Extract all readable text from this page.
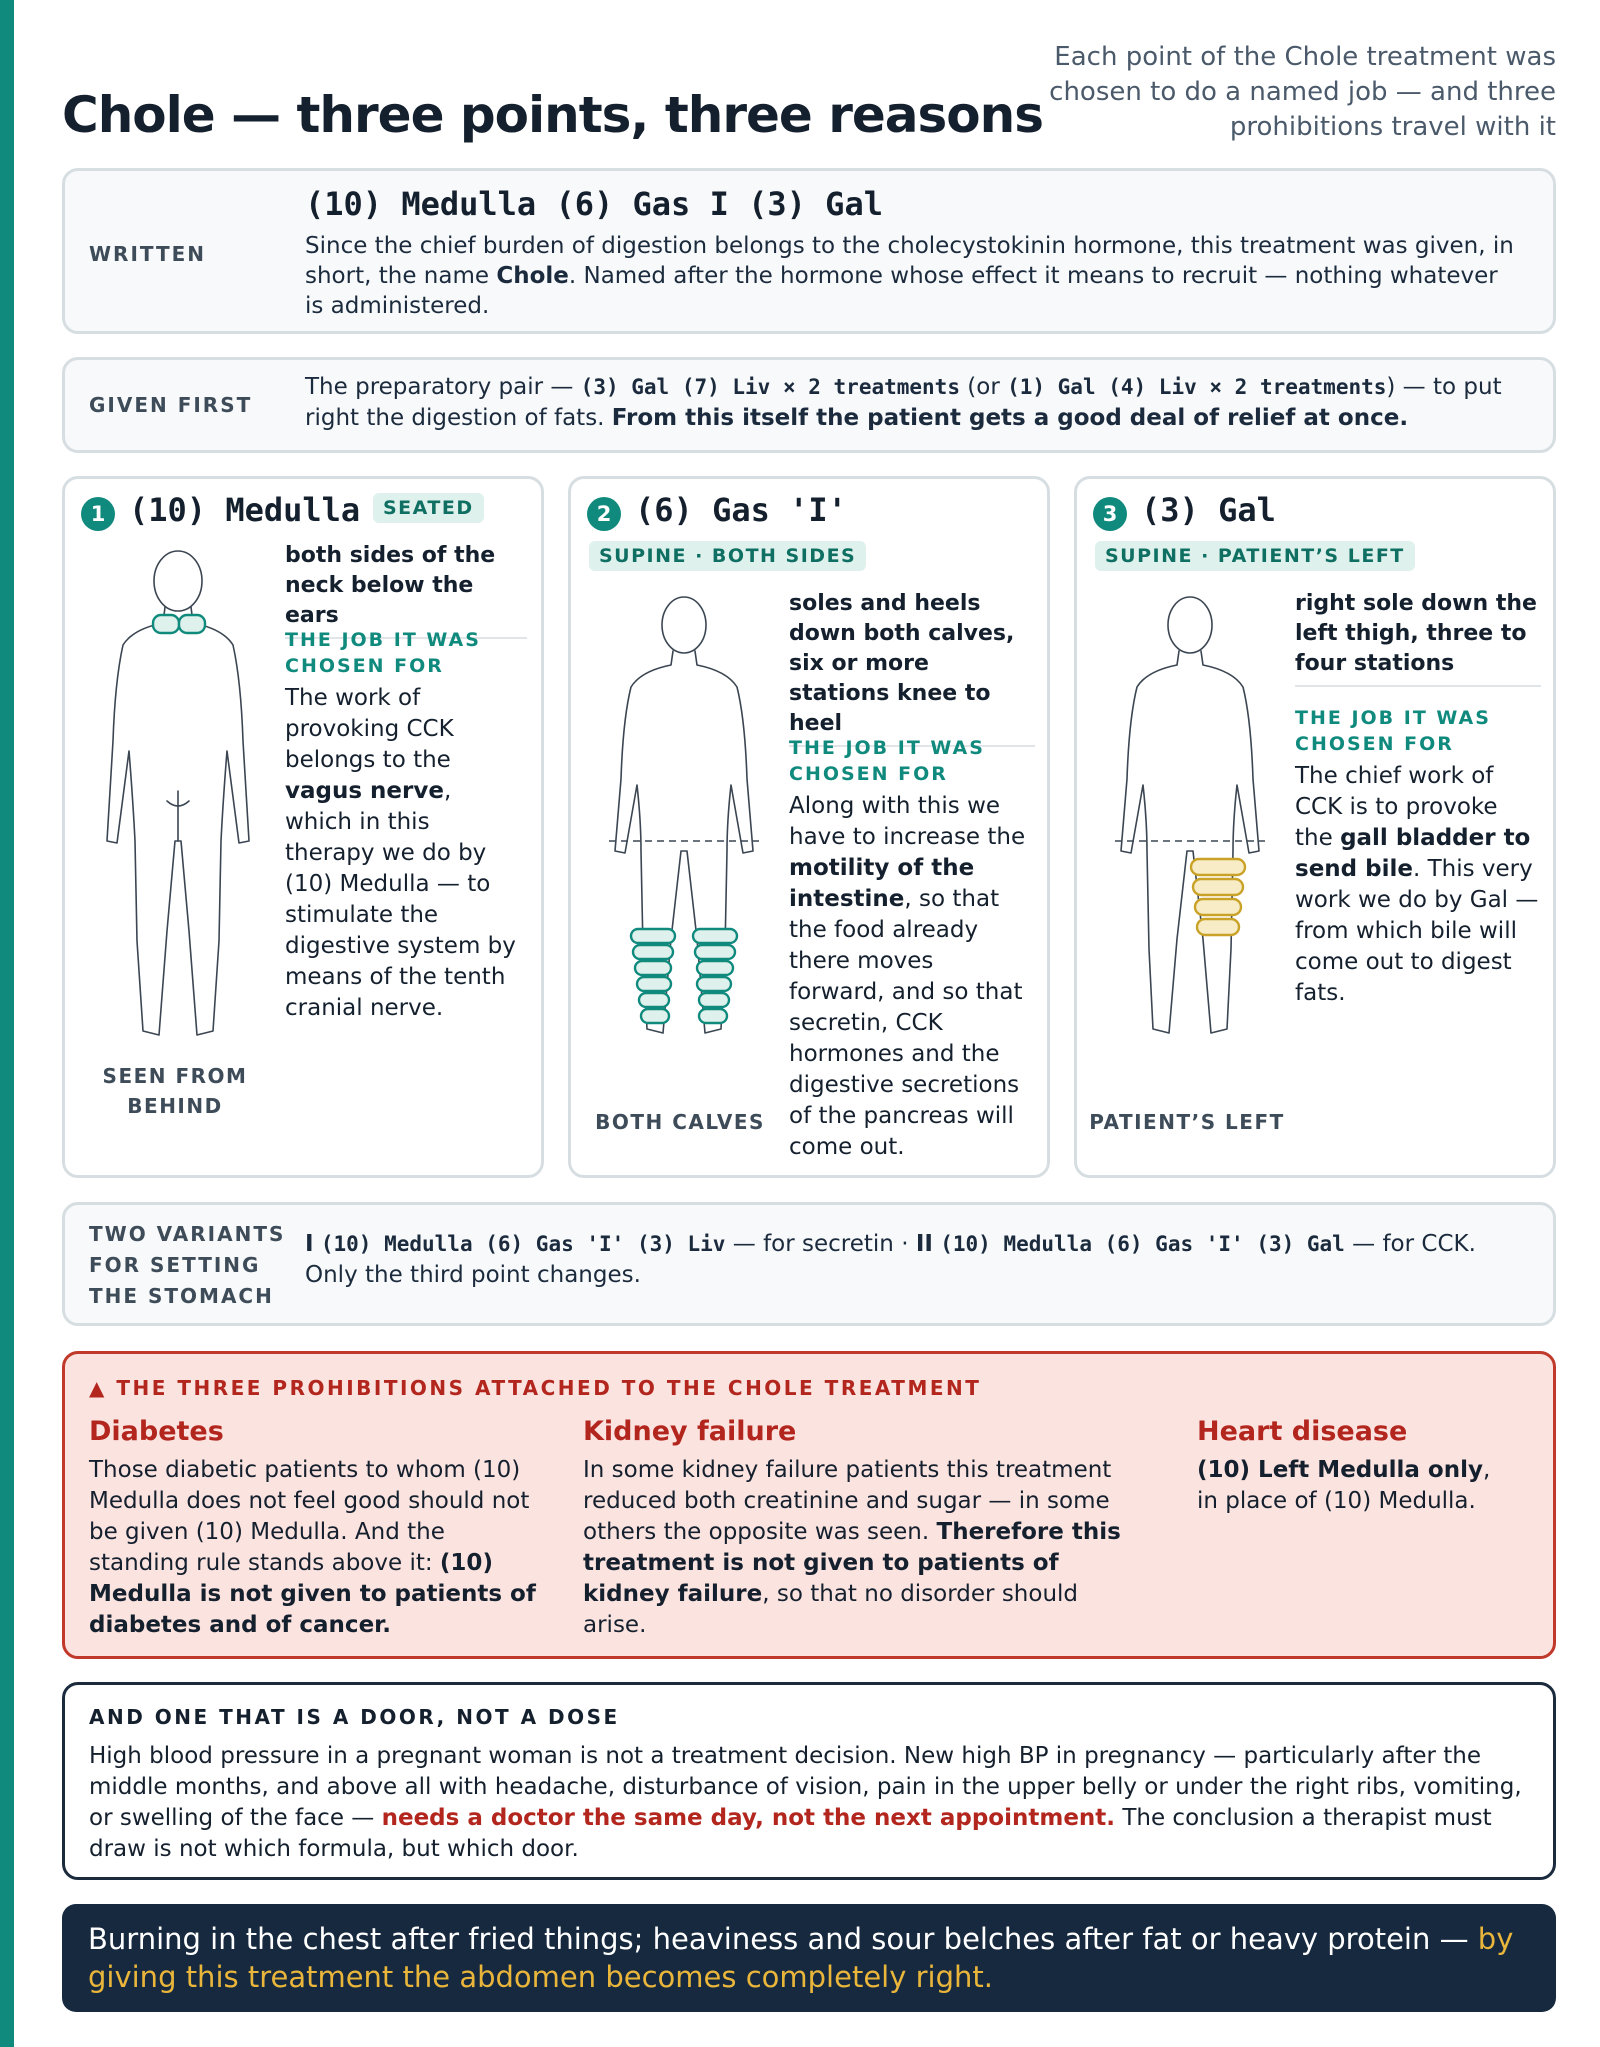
Chole — three points, three reasons
Each point of the Chole treatment was chosen to do a named job — and three prohibitions travel with it
WRITTEN
(10) Medulla (6) Gas I (3) Gal
Since the chief burden of digestion belongs to the cholecystokinin hormone, this treatment was given, in short, the name Chole. Named after the hormone whose effect it means to recruit — nothing whatever is administered.
GIVEN FIRST
The preparatory pair — (3) Gal (7) Liv × 2 treatments (or (1) Gal (4) Liv × 2 treatments) — to put right the digestion of fats. From this itself the patient gets a good deal of relief at once.
1 (10) Medulla	SEATED
both sides of the neck below the ears
THE JOB IT WAS CHOSEN FOR
The work of provoking CCK belongs to the vagus nerve, which in this therapy we do by (10) Medulla — to stimulate the digestive system by means of the tenth cranial nerve.
SEEN FROM BEHIND
2 (6) Gas 'I'
SUPINE · BOTH SIDES
soles and heels down both calves, six or more stations knee to heel
THE JOB IT WAS CHOSEN FOR
Along with this we have to increase the motility of the intestine, so that the food already there moves forward, and so that secretin, CCK hormones and the digestive secretions of the pancreas will come out.
BOTH CALVES
3 (3) Gal
SUPINE · PATIENT’S LEFT
right sole down the left thigh, three to four stations
THE JOB IT WAS CHOSEN FOR
The chief work of CCK is to provoke the gall bladder to send bile. This very work we do by Gal — from which bile will come out to digest fats.
PATIENT’S LEFT
TWO VARIANTS FOR SETTING THE STOMACH
I (10) Medulla (6) Gas 'I' (3) Liv — for secretin · II (10) Medulla (6) Gas 'I' (3) Gal — for CCK. Only the third point changes.
▲ THE THREE PROHIBITIONS ATTACHED TO THE CHOLE TREATMENT
Diabetes
Those diabetic patients to whom (10) Medulla does not feel good should not be given (10) Medulla. And the standing rule stands above it: (10) Medulla is not given to patients of diabetes and of cancer.
Kidney failure
In some kidney failure patients this treatment reduced both creatinine and sugar — in some others the opposite was seen. Therefore this treatment is not given to patients of kidney failure, so that no disorder should arise.
Heart disease
(10) Left Medulla only, in place of (10) Medulla.
AND ONE THAT IS A DOOR, NOT A DOSE
High blood pressure in a pregnant woman is not a treatment decision. New high BP in pregnancy — particularly after the middle months, and above all with headache, disturbance of vision, pain in the upper belly or under the right ribs, vomiting, or swelling of the face — needs a doctor the same day, not the next appointment. The conclusion a therapist must draw is not which formula, but which door.
Burning in the chest after fried things; heaviness and sour belches after fat or heavy protein — by giving this treatment the abdomen becomes completely right.
